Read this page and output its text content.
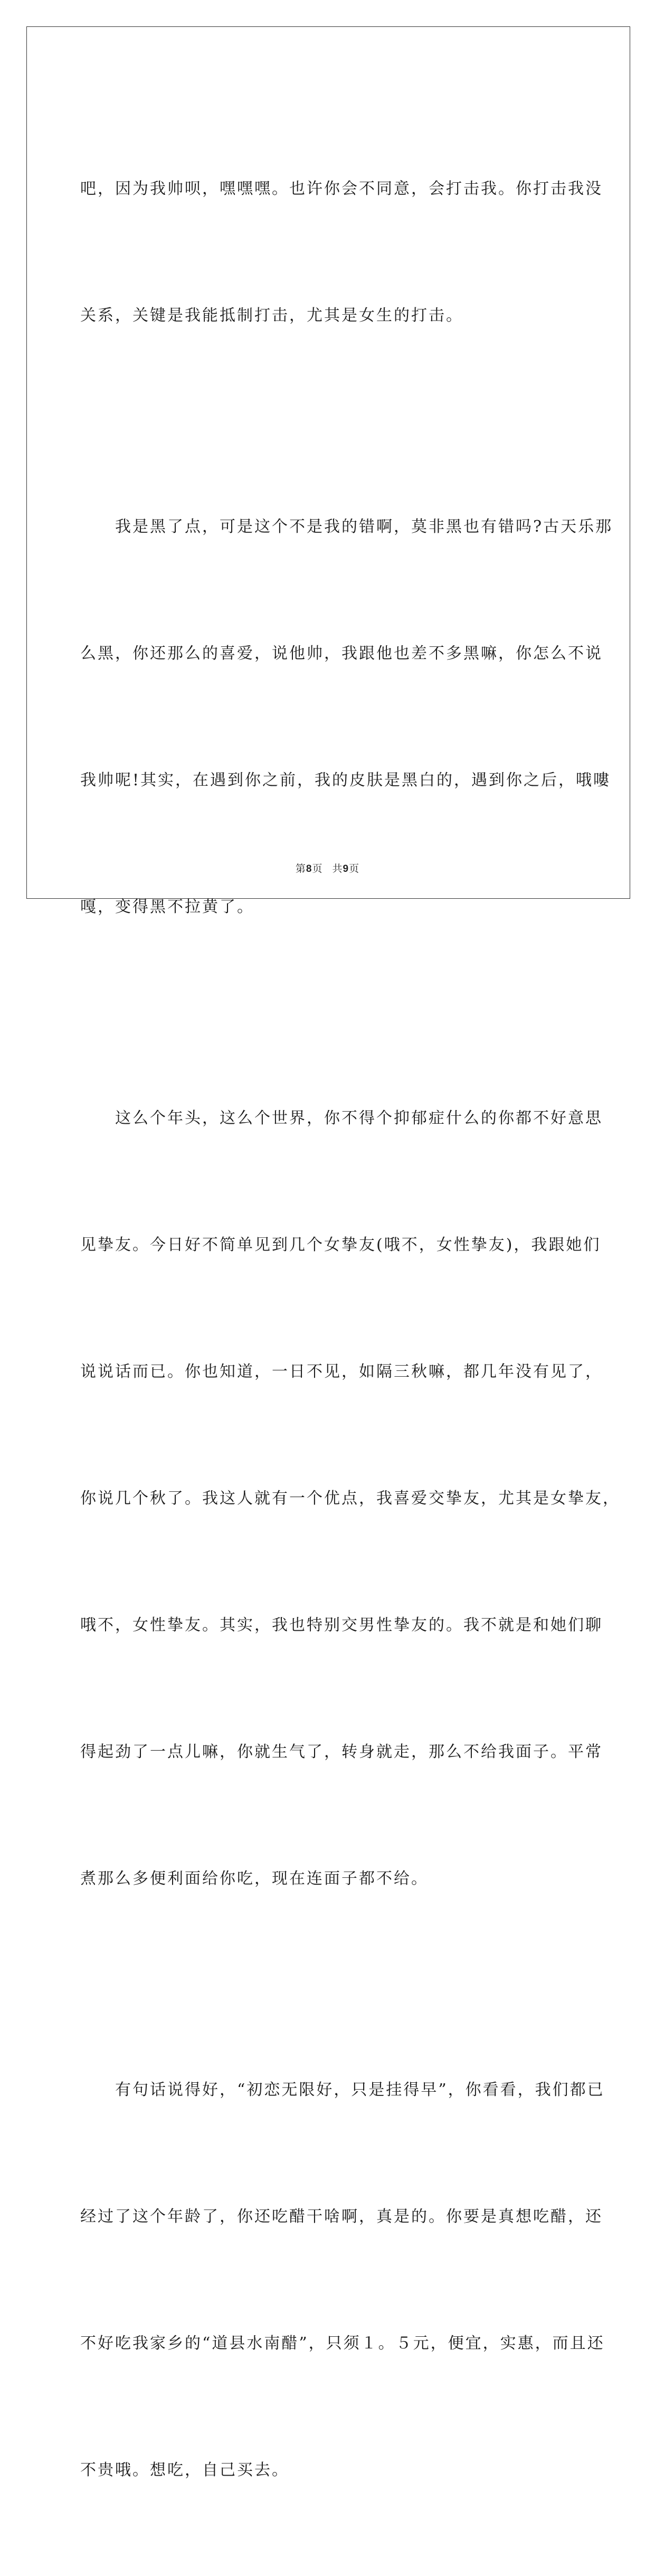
吧，因为我帅呗，嘿嘿嘿。也许你会不同意，会打击我。你打击我没

关系，关键是我能抵制打击，尤其是女生的打击。

　　我是黑了点，可是这个不是我的错啊，莫非黑也有错吗?古天乐那

么黑，你还那么的喜爱，说他帅，我跟他也差不多黑嘛，你怎么不说

我帅呢!其实，在遇到你之前，我的皮肤是黑白的，遇到你之后，哦嘍

嘎，变得黑不拉黄了。

　　这么个年头，这么个世界，你不得个抑郁症什么的你都不好意思

见挚友。今日好不简单见到几个女挚友(哦不，女性挚友)，我跟她们

说说话而已。你也知道，一日不见，如隔三秋嘛，都几年没有见了，

你说几个秋了。我这人就有一个优点，我喜爱交挚友，尤其是女挚友，

哦不，女性挚友。其实，我也特别交男性挚友的。我不就是和她们聊

得起劲了一点儿嘛，你就生气了，转身就走，那么不给我面子。平常

煮那么多便利面给你吃，现在连面子都不给。

　　有句话说得好，“初恋无限好，只是挂得早”，你看看，我们都已

经过了这个年龄了，你还吃醋干啥啊，真是的。你要是真想吃醋，还

不好吃我家乡的“道县水南醋”，只须１。５元，便宜，实惠，而且还

不贵哦。想吃，自己买去。

第8页 共9页
